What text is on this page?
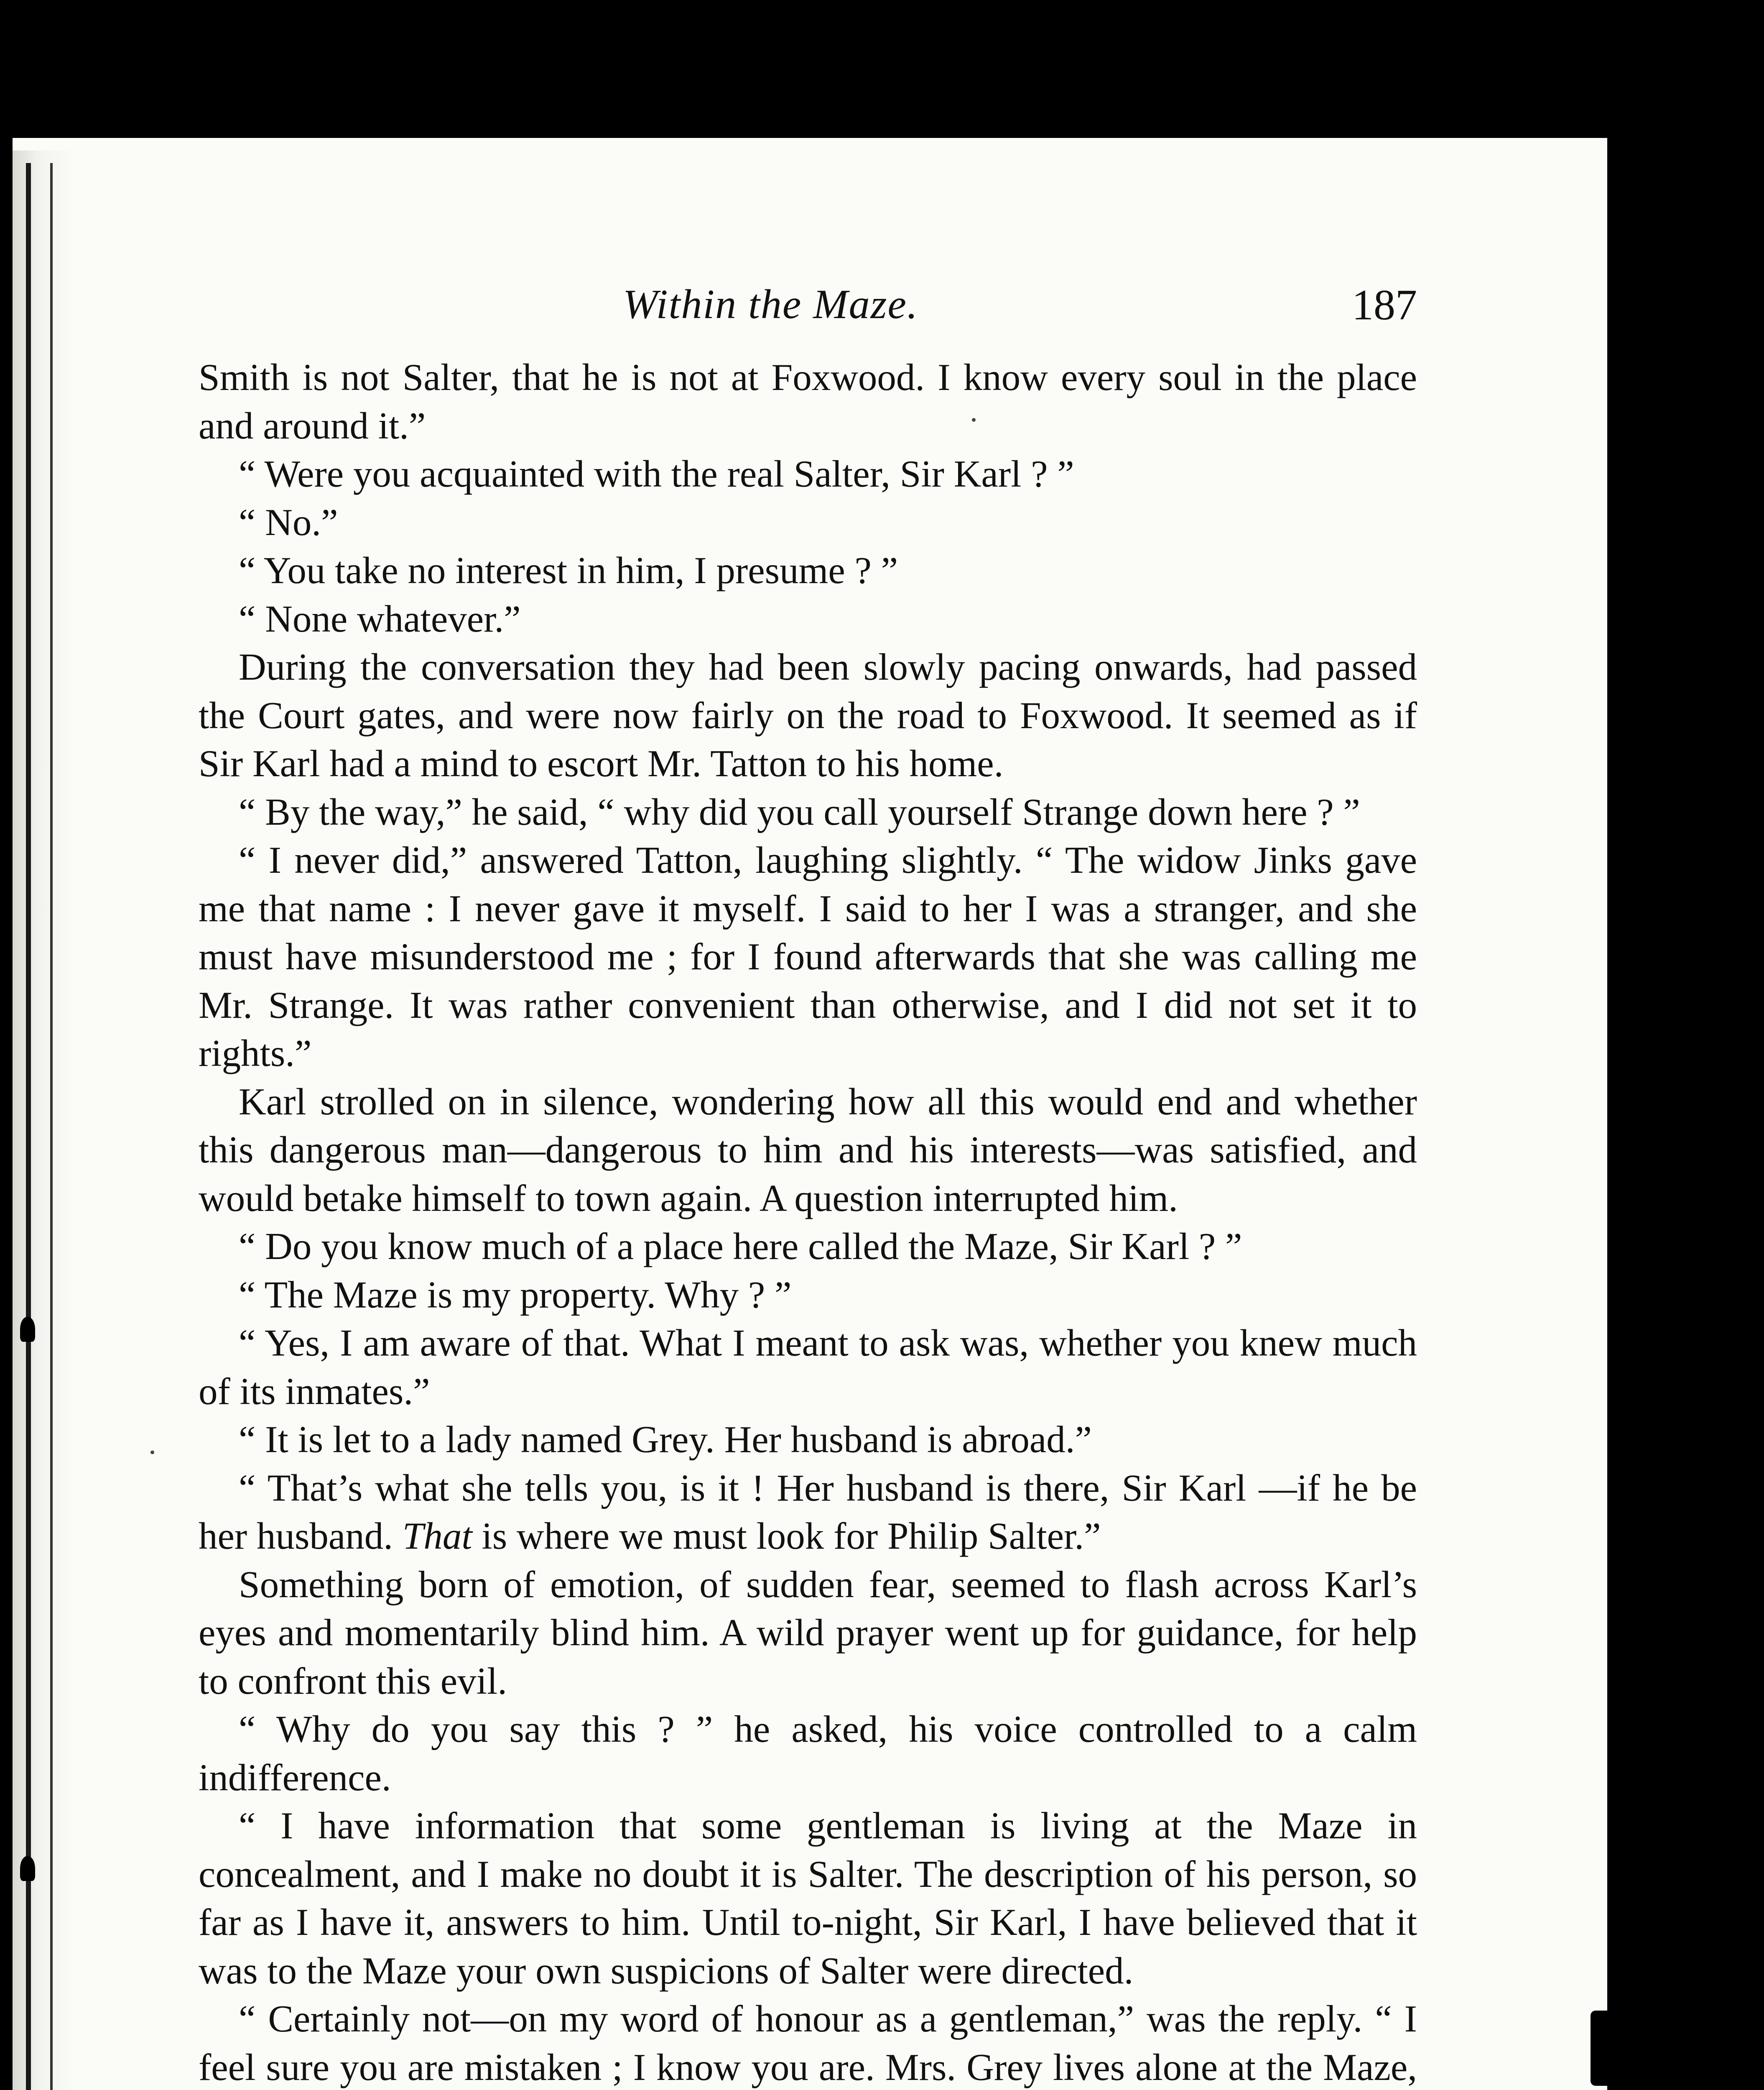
Within the Maze.	187

Smith is not Salter, that he is not at Foxwood. I know every soul in the place and around it.”

“ Were you acquainted with the real Salter, Sir Karl ? ”

“ No.”

“ You take no interest in him, I presume ? ”

“ None whatever.”

During the conversation they had been slowly pacing onwards, had passed the Court gates, and were now fairly on the road to Foxwood. It seemed as if Sir Karl had a mind to escort Mr. Tatton to his home.

“ By the way,” he said, “ why did you call yourself Strange down here ? ”

“ I never did,” answered Tatton, laughing slightly. “ The widow Jinks gave me that name : I never gave it myself. I said to her I was a stranger, and she must have misunderstood me ; for I found afterwards that she was calling me Mr. Strange. It was rather convenient than otherwise, and I did not set it to rights.”

Karl strolled on in silence, wondering how all this would end and whether this dangerous man—dangerous to him and his interests—was satisfied, and would betake himself to town again. A question interrupted him.

“ Do you know much of a place here called the Maze, Sir Karl ? ”

“ The Maze is my property. Why ? ”

“ Yes, I am aware of that. What I meant to ask was, whether you knew much of its inmates.”

“ It is let to a lady named Grey. Her husband is abroad.”

“ That’s what she tells you, is it ! Her husband is there, Sir Karl —if he be her husband. That is where we must look for Philip Salter.”

Something born of emotion, of sudden fear, seemed to flash across Karl’s eyes and momentarily blind him. A wild prayer went up for guidance, for help to confront this evil.

“ Why do you say this ? ” he asked, his voice controlled to a calm indifference.

“ I have information that some gentleman is living at the Maze in concealment, and I make no doubt it is Salter. The description of his person, so far as I have it, answers to him. Until to-night, Sir Karl, I have believed that it was to the Maze your own suspicions of Salter were directed.

“ Certainly not—on my word of honour as a gentleman,” was the reply. “ I feel sure you are mistaken ; I know you are. Mrs. Grey lives alone at the Maze,
